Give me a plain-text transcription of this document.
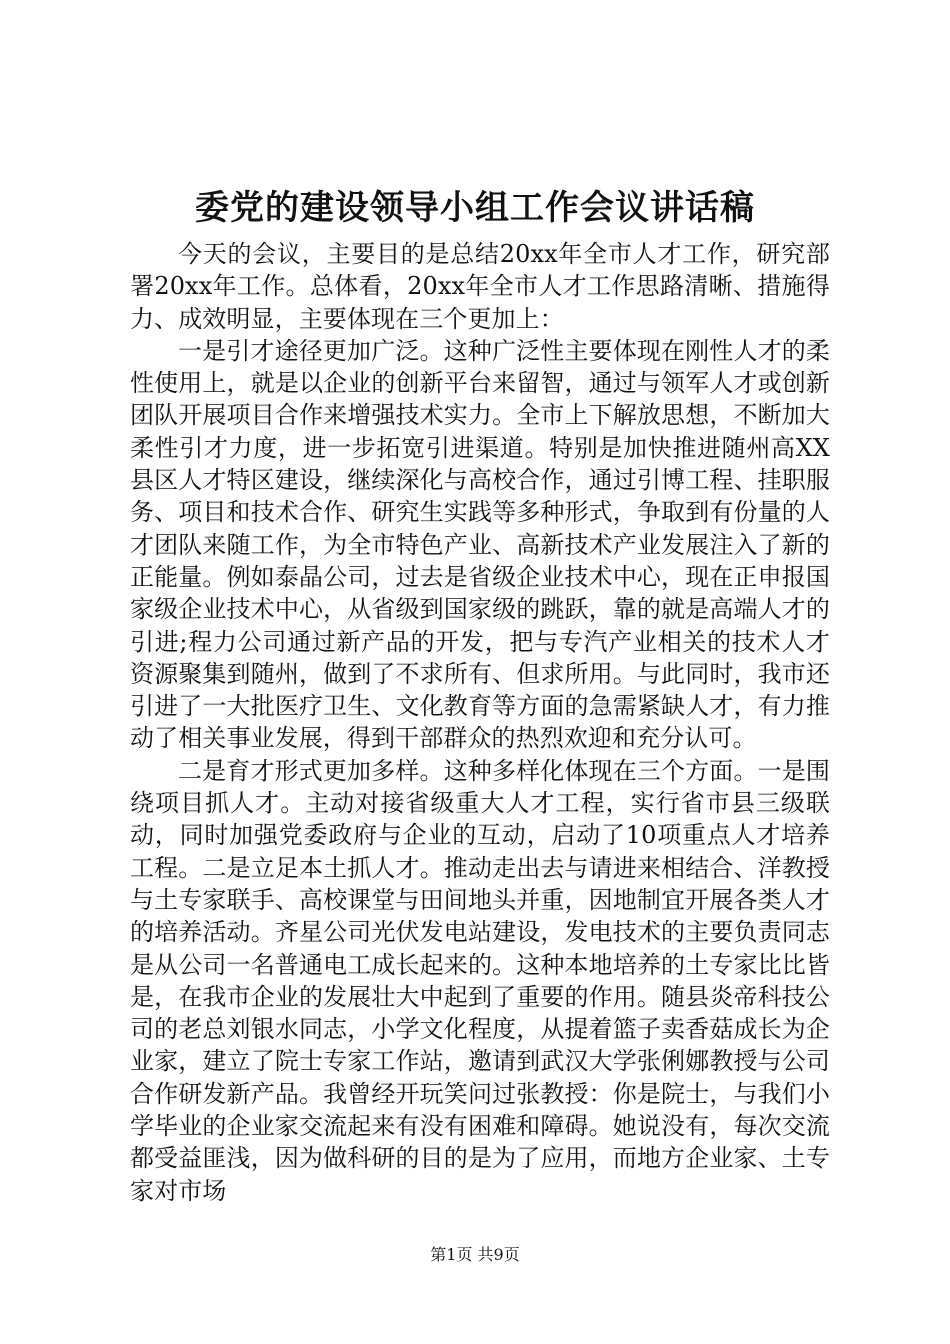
委党的建设领导小组工作会议讲话稿

今天的会议，主要目的是总结20xx年全市人才工作，研究部署20xx年工作。总体看，20xx年全市人才工作思路清晰、措施得力、成效明显，主要体现在三个更加上：

一是引才途径更加广泛。这种广泛性主要体现在刚性人才的柔性使用上，就是以企业的创新平台来留智，通过与领军人才或创新团队开展项目合作来增强技术实力。全市上下解放思想，不断加大柔性引才力度，进一步拓宽引进渠道。特别是加快推进随州高XX县区人才特区建设，继续深化与高校合作，通过引博工程、挂职服务、项目和技术合作、研究生实践等多种形式，争取到有份量的人才团队来随工作，为全市特色产业、高新技术产业发展注入了新的正能量。例如泰晶公司，过去是省级企业技术中心，现在正申报国家级企业技术中心，从省级到国家级的跳跃，靠的就是高端人才的引进;程力公司通过新产品的开发，把与专汽产业相关的技术人才资源聚集到随州，做到了不求所有、但求所用。与此同时，我市还引进了一大批医疗卫生、文化教育等方面的急需紧缺人才，有力推动了相关事业发展，得到干部群众的热烈欢迎和充分认可。

二是育才形式更加多样。这种多样化体现在三个方面。一是围绕项目抓人才。主动对接省级重大人才工程，实行省市县三级联动，同时加强党委政府与企业的互动，启动了10项重点人才培养工程。二是立足本土抓人才。推动走出去与请进来相结合、洋教授与土专家联手、高校课堂与田间地头并重，因地制宜开展各类人才的培养活动。齐星公司光伏发电站建设，发电技术的主要负责同志是从公司一名普通电工成长起来的。这种本地培养的土专家比比皆是，在我市企业的发展壮大中起到了重要的作用。随县炎帝科技公司的老总刘银水同志，小学文化程度，从提着篮子卖香菇成长为企业家，建立了院士专家工作站，邀请到武汉大学张俐娜教授与公司合作研发新产品。我曾经开玩笑问过张教授：你是院士，与我们小学毕业的企业家交流起来有没有困难和障碍。她说没有，每次交流都受益匪浅，因为做科研的目的是为了应用，而地方企业家、土专家对市场

第1页 共9页
